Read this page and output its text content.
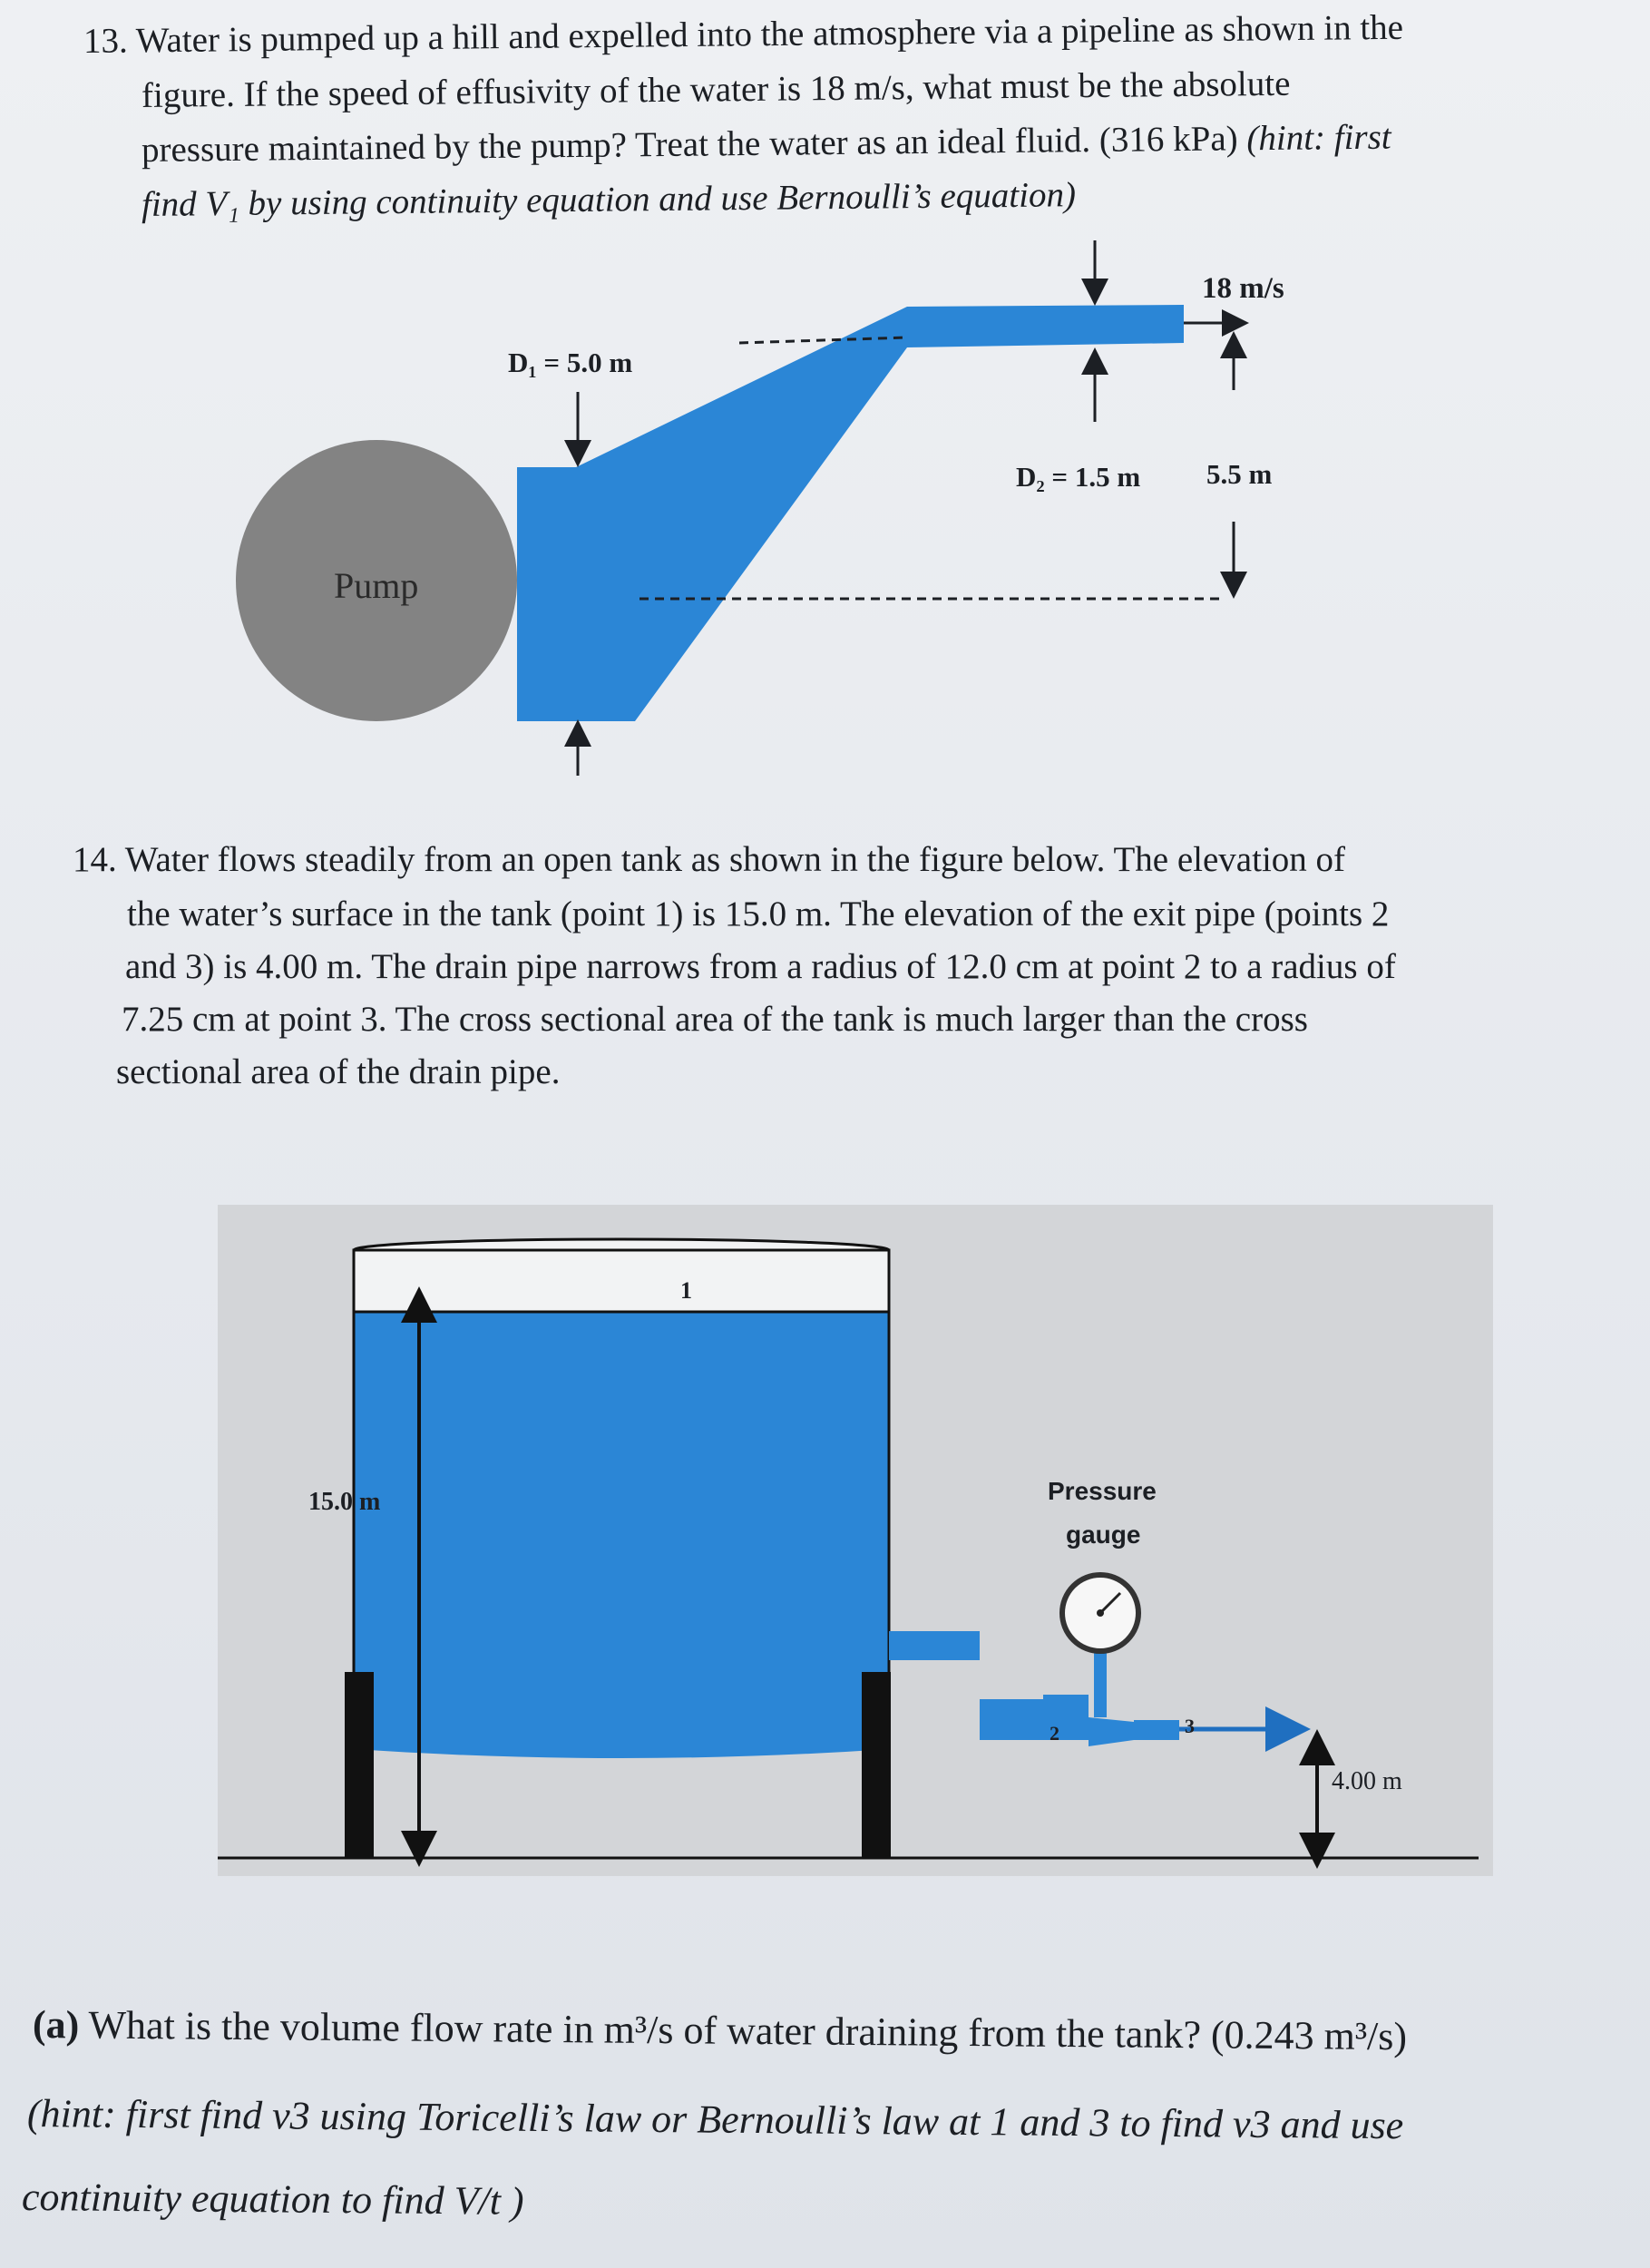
13. Water is pumped up a hill and expelled into the atmosphere via a pipeline as shown in the
figure. If the speed of effusivity of the water is 18 m/s, what must be the absolute
pressure maintained by the pump? Treat the water as an ideal fluid. (316 kPa) (hint: first
find V₁ by using continuity equation and use Bernoulli’s equation)
18 m/s
D₁ = 5.0 m
D₂ = 1.5 m 5.5 m
Pump
14. Water flows steadily from an open tank as shown in the figure below. The elevation of
the water’s surface in the tank (point 1) is 15.0 m. The elevation of the exit pipe (points 2
and 3) is 4.00 m. The drain pipe narrows from a radius of 12.0 cm at point 2 to a radius of
7.25 cm at point 3. The cross sectional area of the tank is much larger than the cross
sectional area of the drain pipe.
1
15.0 m	Pressure
gauge
2	3
4.00 m
(a) What is the volume flow rate in m³/s of water draining from the tank? (0.243 m³/s)
(hint: first find v3 using Toricelli’s law or Bernoulli’s law at 1 and 3 to find v3 and use
continuity equation to find V/t )
